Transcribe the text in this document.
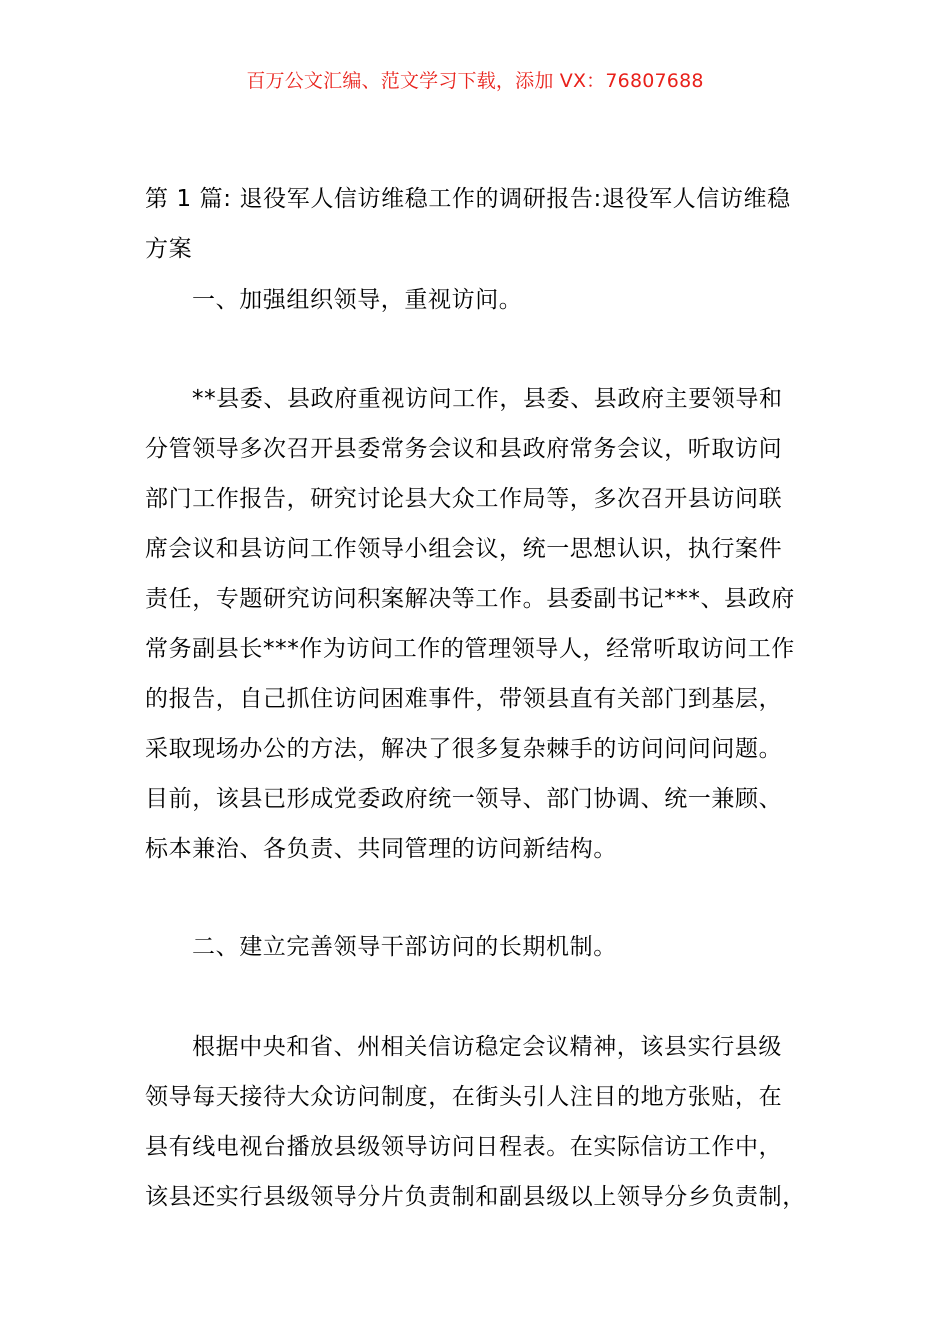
百万公文汇编、范文学习下载，添加 VX：76807688
第 1 篇: 退役军人信访维稳工作的调研报告:退役军人信访维稳
方案
一、加强组织领导，重视访问。
**县委、县政府重视访问工作，县委、县政府主要领导和
分管领导多次召开县委常务会议和县政府常务会议，听取访问
部门工作报告，研究讨论县大众工作局等，多次召开县访问联
席会议和县访问工作领导小组会议，统一思想认识，执行案件
责任，专题研究访问积案解决等工作。县委副书记***、县政府
常务副县长***作为访问工作的管理领导人，经常听取访问工作
的报告，自己抓住访问困难事件，带领县直有关部门到基层，
采取现场办公的方法，解决了很多复杂棘手的访问问问问题。
目前，该县已形成党委政府统一领导、部门协调、统一兼顾、
标本兼治、各负责、共同管理的访问新结构。
二、建立完善领导干部访问的长期机制。
根据中央和省、州相关信访稳定会议精神，该县实行县级
领导每天接待大众访问制度，在街头引人注目的地方张贴，在
县有线电视台播放县级领导访问日程表。在实际信访工作中，
该县还实行县级领导分片负责制和副县级以上领导分乡负责制，
